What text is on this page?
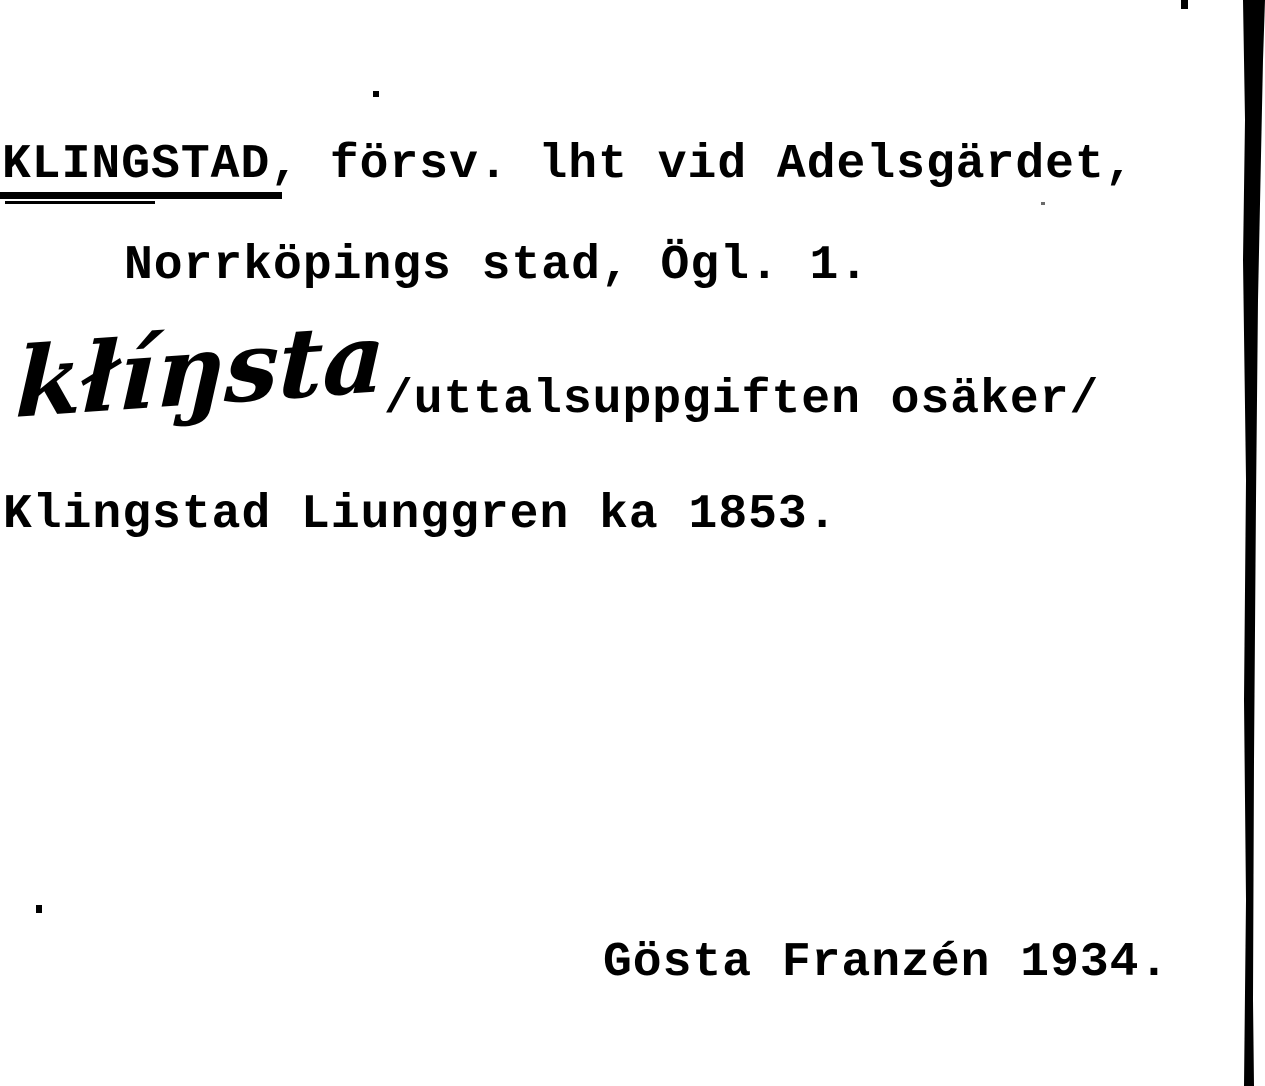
KLINGSTAD, försv. lht vid Adelsgärdet,
Norrköpings stad, Ögl. 1.
kłíŋsta
/uttalsuppgiften osäker/
Klingstad Liunggren ka 1853.
Gösta Franzén 1934.
